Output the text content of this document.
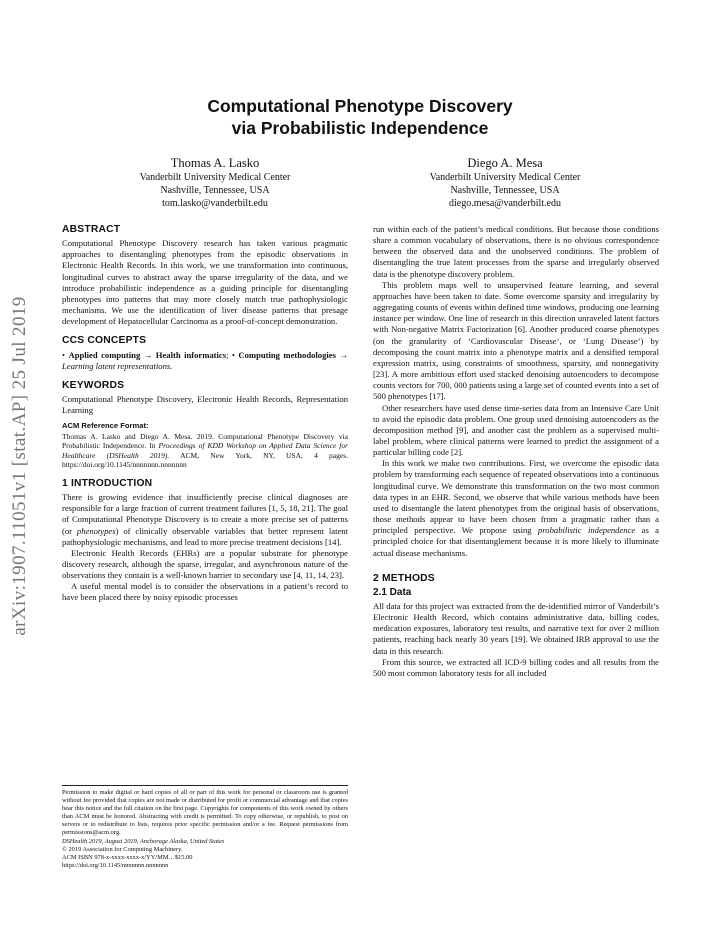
arXiv:1907.11051v1 [stat.AP] 25 Jul 2019
Computational Phenotype Discovery
via Probabilistic Independence
Thomas A. Lasko
Vanderbilt University Medical Center
Nashville, Tennessee, USA
tom.lasko@vanderbilt.edu
Diego A. Mesa
Vanderbilt University Medical Center
Nashville, Tennessee, USA
diego.mesa@vanderbilt.edu
ABSTRACT

Computational Phenotype Discovery research has taken various pragmatic approaches to disentangling phenotypes from the episodic observations in Electronic Health Records. In this work, we use transformation into continuous, longitudinal curves to abstract away the sparse irregularity of the data, and we introduce probabilistic independence as a guiding principle for disentangling phenotypes into patterns that may more closely match true pathophysiologic mechanisms. We use the identification of liver disease patterns that presage development of Hepatocellular Carcinoma as a proof-of-concept demonstration.

CCS CONCEPTS

• Applied computing → Health informatics; • Computing methodologies → Learning latent representations.

KEYWORDS

Computational Phenotype Discovery, Electronic Health Records, Representation Learning

ACM Reference Format:

Thomas A. Lasko and Diego A. Mesa. 2019. Computational Phenotype Discovery via Probabilistic Independence. In Proceedings of KDD Workshop on Applied Data Science for Healthcare (DSHealth 2019). ACM, New York, NY, USA, 4 pages. https://doi.org/10.1145/nnnnnnn.nnnnnnn

1 INTRODUCTION

There is growing evidence that insufficiently precise clinical diagnoses are responsible for a large fraction of current treatment failures [1, 5, 18, 21]. The goal of Computational Phenotype Discovery is to create a more precise set of patterns (or phenotypes) of clinically observable variables that better represent latent pathophysiologic mechanisms, and lead to more precise treatment decisions [14].

Electronic Health Records (EHRs) are a popular substrate for phenotype discovery research, although the sparse, irregular, and asynchronous nature of the observations they contain is a well-known barrier to secondary use [4, 11, 14, 23].

A useful mental model is to consider the observations in a patient’s record to have been placed there by noisy episodic processes

Permission to make digital or hard copies of all or part of this work for personal or classroom use is granted without fee provided that copies are not made or distributed for profit or commercial advantage and that copies bear this notice and the full citation on the first page. Copyrights for components of this work owned by others than ACM must be honored. Abstracting with credit is permitted. To copy otherwise, or republish, to post on servers or to redistribute to lists, requires prior specific permission and/or a fee. Request permissions from permissions@acm.org.
DSHealth 2019, August 2019, Anchorage Alaska, United States
© 2019 Association for Computing Machinery.
ACM ISBN 978-x-xxxx-xxxx-x/YY/MM…$15.00
https://doi.org/10.1145/nnnnnnn.nnnnnnn

run within each of the patient’s medical conditions. But because those conditions share a common vocabulary of observations, there is no obvious correspondence between the observed data and the unobserved conditions. The problem of disentangling the true latent processes from the sparse and irregularly observed data is the phenotype discovery problem.

This problem maps well to unsupervised feature learning, and several approaches have been taken to date. Some overcome sparsity and irregularity by aggregating counts of events within defined time windows, producing one learning instance per window. One line of research in this direction unraveled latent factors with Non-negative Matrix Factorization [6]. Another produced coarse phenotypes (on the granularity of ‘Cardiovascular Disease’, or ‘Lung Disease’) by decomposing the count matrix into a phenotype matrix and a densified temporal expression matrix, using constraints of smoothness, sparsity, and nonnegativity [23]. A more ambitious effort used stacked denoising autoencoders to decompose counts vectors for 700, 000 patients using a large set of counted events into a set of 500 phenotypes [17].

Other researchers have used dense time-series data from an Intensive Care Unit to avoid the episodic data problem. One group used denoising autoencoders as the decomposition method [9], and another cast the problem as a supervised multi-label problem, where clinical patterns were learned to predict the assignment of a particular billing code [2].

In this work we make two contributions. First, we overcome the episodic data problem by transforming each sequence of repeated observations into a continuous longitudinal curve. We demonstrate this transformation on the two most common data types in an EHR. Second, we observe that while various methods have been used to disentangle the latent phenotypes from the original basis of observations, those methods appear to have been chosen from a pragmatic rather than a principled perspective. We propose using probabilistic independence as a principled choice for that disentanglement because it is more likely to illuminate actual disease mechanisms.

2 METHODS
2.1 Data

All data for this project was extracted from the de-identified mirror of Vanderbilt’s Electronic Health Record, which contains administrative data, billing codes, medication exposures, laboratory test results, and narrative text for over 2 million patients, reaching back nearly 30 years [19]. We obtained IRB approval to use the data in this research.

From this source, we extracted all ICD-9 billing codes and all results from the 500 most common laboratory tests for all included
